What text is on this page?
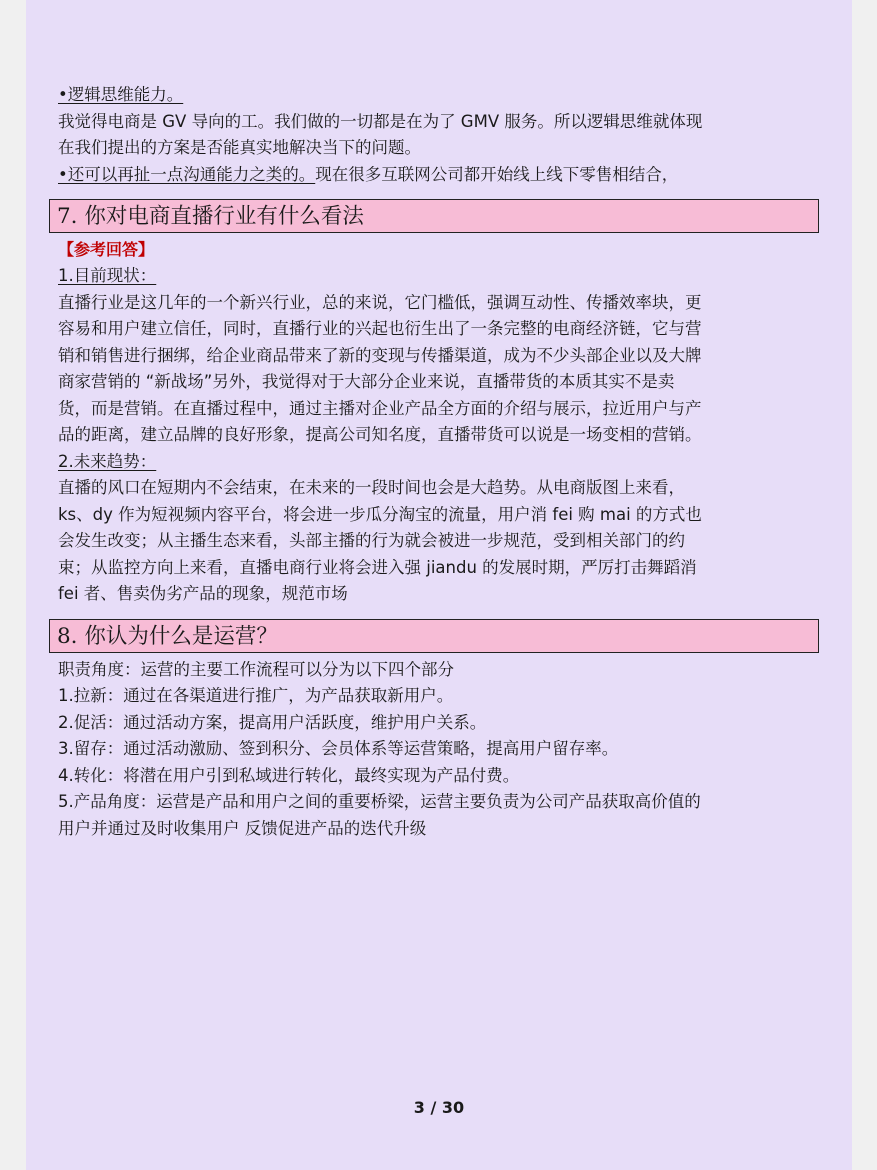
•逻辑思维能力。

我觉得电商是 GV 导向的工。我们做的一切都是在为了 GMV 服务。所以逻辑思维就体现

在我们提出的方案是否能真实地解决当下的问题。

•还可以再扯一点沟通能力之类的。现在很多互联网公司都开始线上线下零售相结合，

7. 你对电商直播行业有什么看法

【参考回答】

1.目前现状：

直播行业是这几年的一个新兴行业，总的来说，它门槛低，强调互动性、传播效率块，更

容易和用户建立信任，同时，直播行业的兴起也衍生出了一条完整的电商经济链，它与营

销和销售进行捆绑，给企业商品带来了新的变现与传播渠道，成为不少头部企业以及大牌

商家营销的 “新战场”另外，我觉得对于大部分企业来说，直播带货的本质其实不是卖

货，而是营销。在直播过程中，通过主播对企业产品全方面的介绍与展示，拉近用户与产

品的距离，建立品牌的良好形象，提高公司知名度，直播带货可以说是一场变相的营销。

2.未来趋势：

直播的风口在短期内不会结束，在未来的一段时间也会是大趋势。从电商版图上来看，

ks、dy 作为短视频内容平台，将会进一步瓜分淘宝的流量，用户消 fei 购 mai 的方式也

会发生改变；从主播生态来看，头部主播的行为就会被进一步规范，受到相关部门的约

束；从监控方向上来看，直播电商行业将会进入强 jiandu 的发展时期，严厉打击舞蹈消

fei 者、售卖伪劣产品的现象，规范市场

8. 你认为什么是运营？

职责角度：运营的主要工作流程可以分为以下四个部分

1.拉新：通过在各渠道进行推广，为产品获取新用户。

2.促活：通过活动方案，提高用户活跃度，维护用户关系。

3.留存：通过活动激励、签到积分、会员体系等运营策略，提高用户留存率。

4.转化：将潜在用户引到私域进行转化，最终实现为产品付费。

5.产品角度：运营是产品和用户之间的重要桥梁，运营主要负责为公司产品获取高价值的

用户并通过及时收集用户 反馈促进产品的迭代升级

3 / 30
